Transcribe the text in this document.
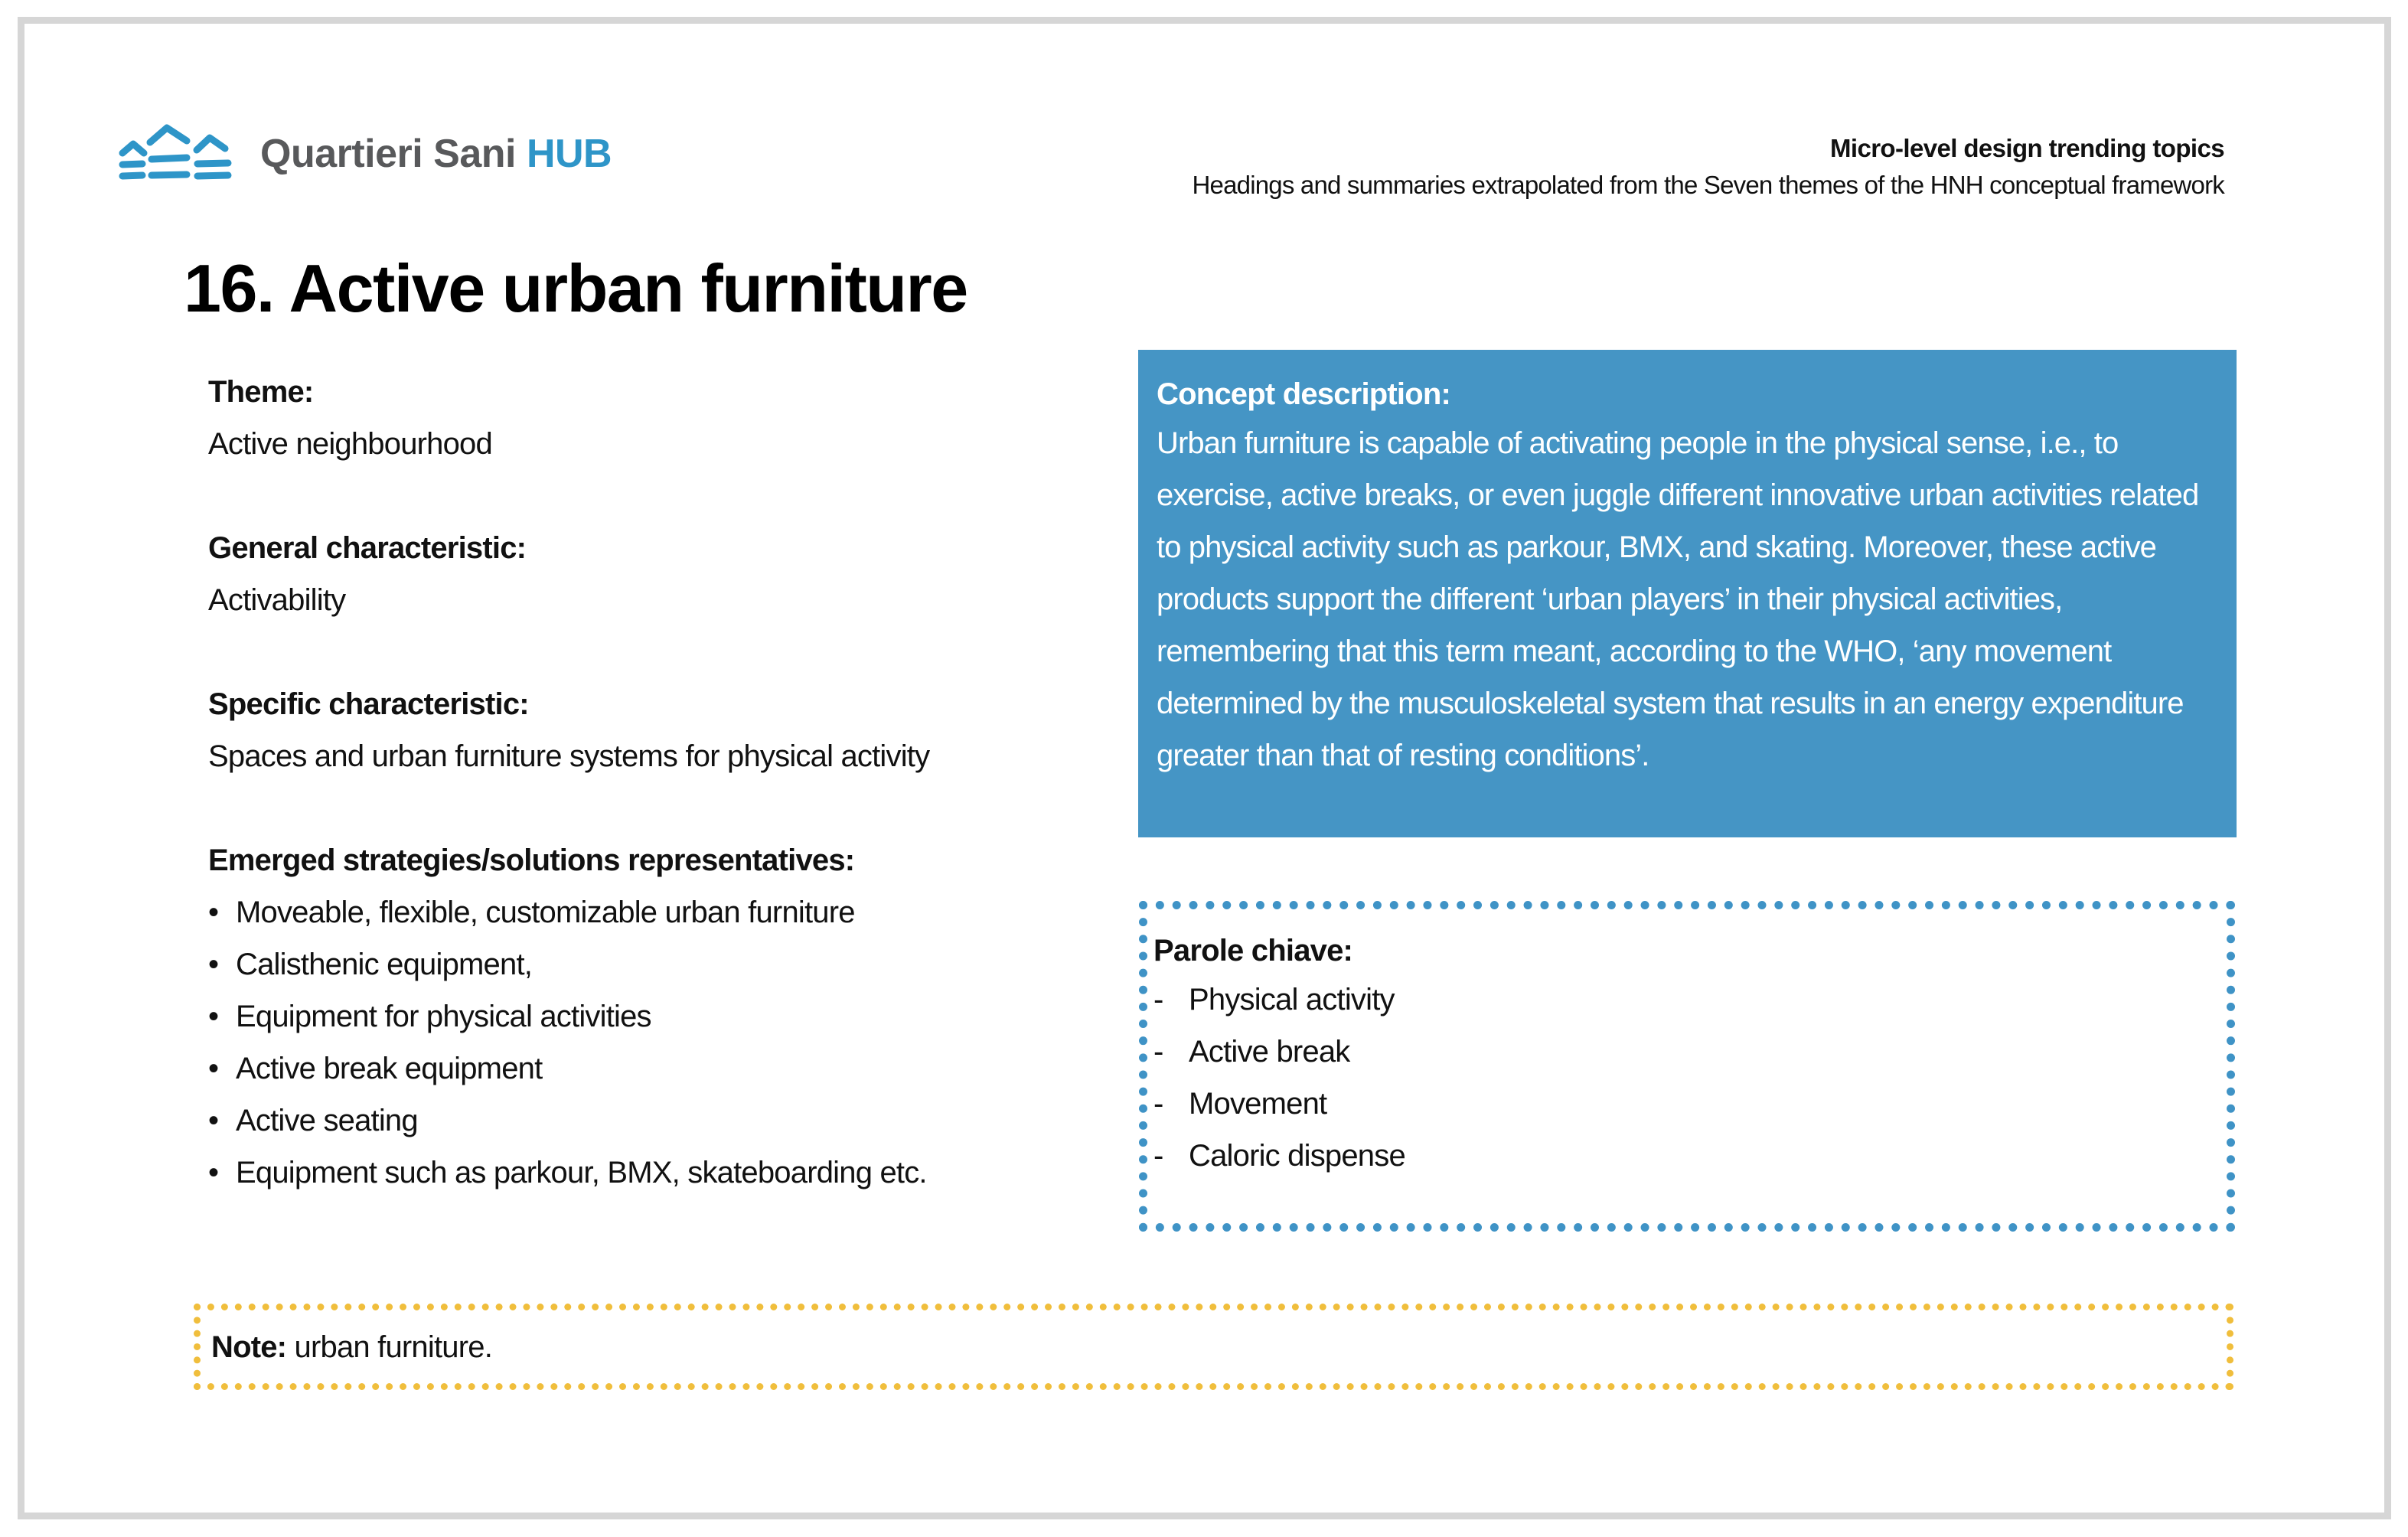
Quartieri Sani HUB	Micro-level design trending topics
Headings and summaries extrapolated from the Seven themes of the HNH conceptual framework
16. Active urban furniture
Theme:
Active neighbourhood
General characteristic:
Activability
Specific characteristic:
Spaces and urban furniture systems for physical activity
Emerged strategies/solutions representatives:
• Moveable, flexible, customizable urban furniture
• Calisthenic equipment,
• Equipment for physical activities
• Active break equipment
• Active seating
• Equipment such as parkour, BMX, skateboarding etc.
Concept description:
Urban furniture is capable of activating people in the physical sense, i.e., to exercise, active breaks, or even juggle different innovative urban activities related to physical activity such as parkour, BMX, and skating. Moreover, these active products support the different ‘urban players’ in their physical activities, remembering that this term meant, according to the WHO, ‘any movement determined by the musculoskeletal system that results in an energy expenditure greater than that of resting conditions’.
Parole chiave:
- Physical activity
- Active break
- Movement
- Caloric dispense
Note: urban furniture.
